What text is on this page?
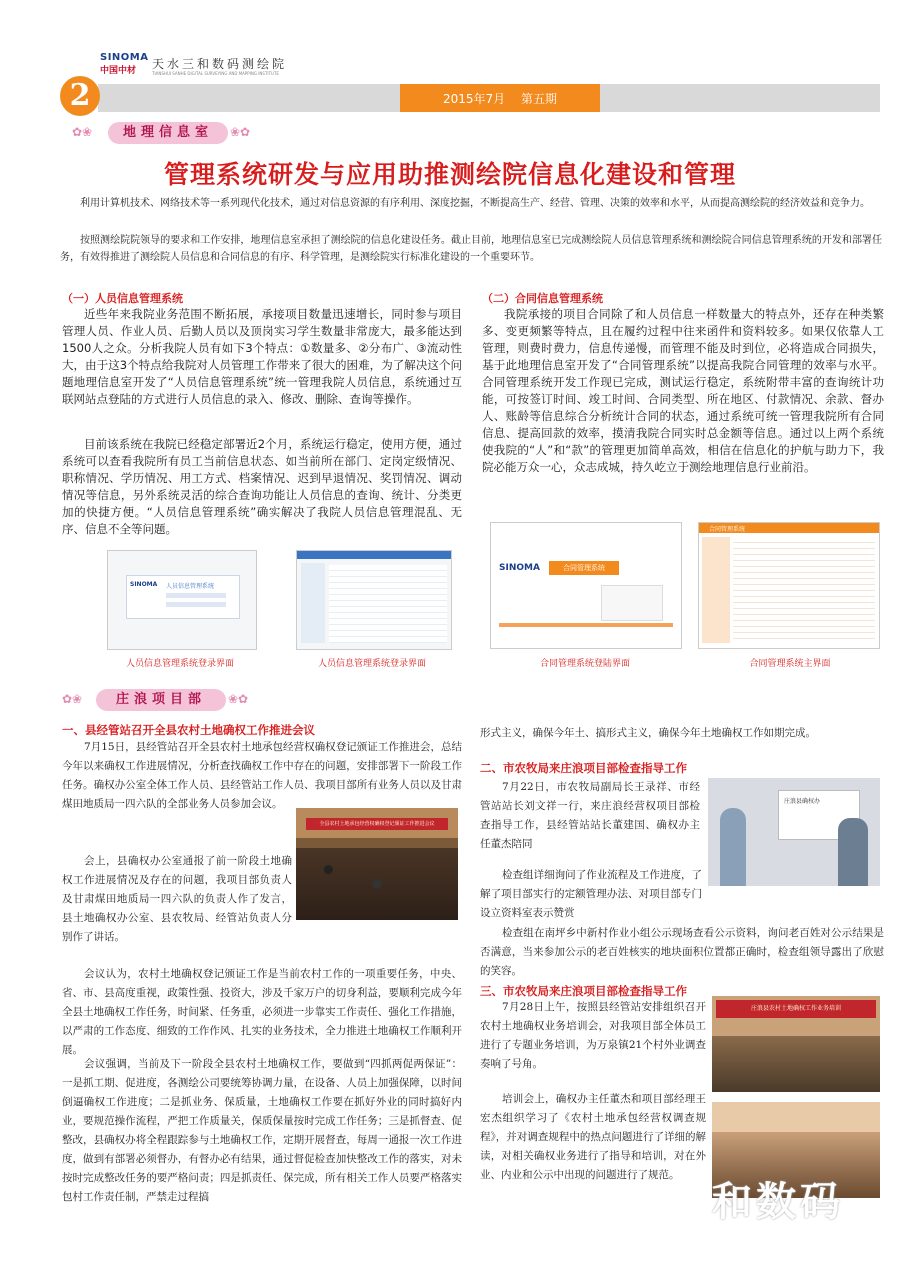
SINOMA
中国中材	天水三和数码测绘院
TIANSHUI SANHE DIGITAL SURVEYING AND MAPPING INSTITUTE
2015年7月　 第五期
2
✿❀	地理信息室	❀✿
管理系统研发与应用助推测绘院信息化建设和管理
利用计算机技术、网络技术等一系列现代化技术，通过对信息资源的有序利用、深度挖掘，不断提高生产、经营、管理、决策的效率和水平，从而提高测绘院的经济效益和竞争力。
按照测绘院院领导的要求和工作安排，地理信息室承担了测绘院的信息化建设任务。截止目前，地理信息室已完成测绘院人员信息管理系统和测绘院合同信息管理系统的开发和部署任务，有效得推进了测绘院人员信息和合同信息的有序、科学管理，是测绘院实行标准化建设的一个重要环节。
（一）人员信息管理系统
近些年来我院业务范围不断拓展，承接项目数量迅速增长，同时参与项目管理人员、作业人员、后勤人员以及顶岗实习学生数量非常庞大，最多能达到1500人之众。分析我院人员有如下3个特点：①数量多、②分布广、③流动性大，由于这3个特点给我院对人员管理工作带来了很大的困难，为了解决这个问题地理信息室开发了“人员信息管理系统”统一管理我院人员信息，系统通过互联网站点登陆的方式进行人员信息的录入、修改、删除、查询等操作。
目前该系统在我院已经稳定部署近2个月，系统运行稳定，使用方便，通过系统可以查看我院所有员工当前信息状态、如当前所在部门、定岗定级情况、职称情况、学历情况、用工方式、档案情况、迟到早退情况、奖罚情况、调动情况等信息，另外系统灵活的综合查询功能让人员信息的查询、统计、分类更加的快捷方便。“人员信息管理系统”确实解决了我院人员信息管理混乱、无序、信息不全等问题。
（二）合同信息管理系统
我院承接的项目合同除了和人员信息一样数量大的特点外，还存在种类繁多、变更频繁等特点，且在履约过程中往来函件和资料较多。如果仅依靠人工管理，则费时费力，信息传递慢，而管理不能及时到位，必将造成合同损失，基于此地理信息室开发了“合同管理系统”以提高我院合同管理的效率与水平。合同管理系统开发工作现已完成，测试运行稳定，系统附带丰富的查询统计功能，可按签订时间、竣工时间、合同类型、所在地区、付款情况、余款、督办人、账龄等信息综合分析统计合同的状态，通过系统可统一管理我院所有合同信息、提高回款的效率，摸清我院合同实时总金额等信息。通过以上两个系统使我院的“人”和“款”的管理更加简单高效，相信在信息化的护航与助力下，我院必能万众一心，众志成城，持久屹立于测绘地理信息行业前沿。
SINOMA 人员信息管理系统
人员信息管理系统登录界面	人员信息管理系统登录界面
SINOMA	合同管理系统
合同管理系统
合同管理系统登陆界面	合同管理系统主界面
✿❀	庄浪项目部	❀✿
一、县经管站召开全县农村土地确权工作推进会议
7月15日，县经管站召开全县农村土地承包经营权确权登记颁证工作推进会，总结今年以来确权工作进展情况，分析查找确权工作中存在的问题，安排部署下一阶段工作任务。确权办公室全体工作人员、县经管站工作人员、我项目部所有业务人员以及甘肃煤田地质局一四六队的全部业务人员参加会议。
全县农村土地承包经营权确权登记颁证工作推进会议
会上，县确权办公室通报了前一阶段土地确权工作进展情况及存在的问题，我项目部负责人及甘肃煤田地质局一四六队的负责人作了发言，县土地确权办公室、县农牧局、经管站负责人分别作了讲话。
会议认为，农村土地确权登记颁证工作是当前农村工作的一项重要任务，中央、省、市、县高度重视，政策性强、投资大，涉及千家万户的切身利益，要顺利完成今年全县土地确权工作任务，时间紧、任务重，必须进一步靠实工作责任、强化工作措施，以严肃的工作态度、细致的工作作风、扎实的业务技术，全力推进土地确权工作顺利开展。
会议强调，当前及下一阶段全县农村土地确权工作，要做到“四抓两促两保证”：一是抓工期、促进度，各测绘公司要统筹协调力量，在设备、人员上加强保障，以时间倒逼确权工作进度；二是抓业务、保质量，土地确权工作要在抓好外业的同时搞好内业，要规范操作流程，严把工作质量关，保质保量按时完成工作任务；三是抓督查、促整改，县确权办将全程跟踪参与土地确权工作，定期开展督查，每周一通报一次工作进度，做到有部署必须督办，有督办必有结果，通过督促检查加快整改工作的落实，对未按时完成整改任务的要严格问责；四是抓责任、保完成，所有相关工作人员要严格落实包村工作责任制，严禁走过程搞
形式主义，确保今年土、搞形式主义，确保今年土地确权工作如期完成。
二、市农牧局来庄浪项目部检查指导工作
7月22日，市农牧局副局长王录祥、市经管站站长刘文祥一行，来庄浪经营权项目部检查指导工作，县经管站站长董建国、确权办主任董杰陪同
庄浪县确权办
检查组详细询问了作业流程及工作进度，了解了项目部实行的定额管理办法、对项目部专门设立资料室表示赞赏
检查组在南坪乡中新村作业小组公示现场查看公示资料，询问老百姓对公示结果是否满意，当来参加公示的老百姓核实的地块面积位置都正确时，检查组领导露出了欣慰的笑容。
三、市农牧局来庄浪项目部检查指导工作
7月28日上午，按照县经管站安排组织召开农村土地确权业务培训会，对我项目部全体员工进行了专题业务培训，为万泉镇21个村外业调查奏响了号角。
庄浪县农村土地确权工作业务培训
培训会上，确权办主任董杰和项目部经理王宏杰组织学习了《农村土地承包经营权调查规程》，并对调查规程中的热点问题进行了详细的解读，对相关确权业务进行了指导和培训，对在外业、内业和公示中出现的问题进行了规范。
和数码
